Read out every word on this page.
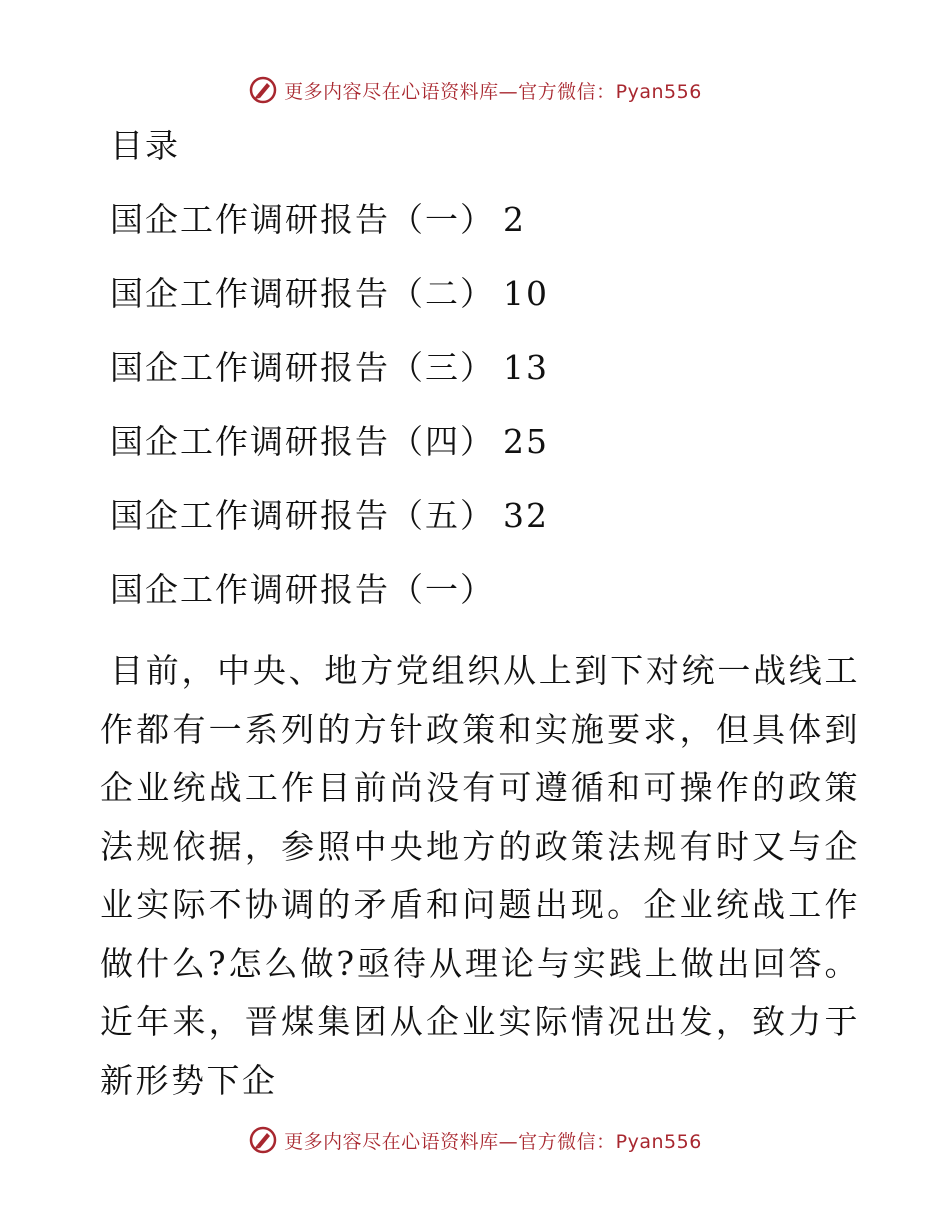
更多内容尽在心语资料库—官方微信：Pyan556
目录
国企工作调研报告（一） 2
国企工作调研报告（二） 10
国企工作调研报告（三） 13
国企工作调研报告（四） 25
国企工作调研报告（五） 32
国企工作调研报告（一）

目前，中央、地方党组织从上到下对统一战线工作都有一系列的方针政策和实施要求，但具体到企业统战工作目前尚没有可遵循和可操作的政策法规依据，参照中央地方的政策法规有时又与企业实际不协调的矛盾和问题出现。企业统战工作做什么?怎么做?亟待从理论与实践上做出回答。近年来，晋煤集团从企业实际情况出发，致力于新形势下企

更多内容尽在心语资料库—官方微信：Pyan556
